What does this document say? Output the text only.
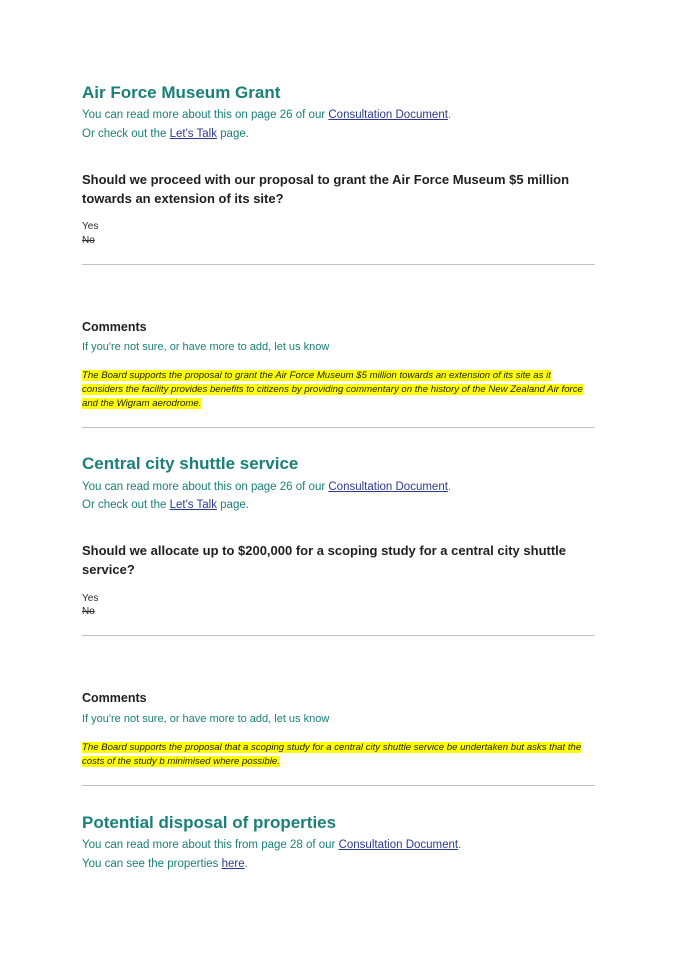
Air Force Museum Grant
You can read more about this on page 26 of our Consultation Document.
Or check out the Let's Talk page.

Should we proceed with our proposal to grant the Air Force Museum $5 million towards an extension of its site?

Yes
No
Comments
If you're not sure, or have more to add, let us know
The Board supports the proposal to grant the Air Force Museum $5 million towards an extension of its site as it considers the facility provides benefits to citizens by providing commentary on the history of the New Zealand Air force and the Wigram aerodrome.
Central city shuttle service
You can read more about this on page 26 of our Consultation Document.
Or check out the Let's Talk page.

Should we allocate up to $200,000 for a scoping study for a central city shuttle service?

Yes
No
Comments
If you're not sure, or have more to add, let us know
The Board supports the proposal that a scoping study for a central city shuttle service be undertaken but asks that the costs of the study b minimised where possible.
Potential disposal of properties
You can read more about this from page 28 of our Consultation Document.
You can see the properties here.
